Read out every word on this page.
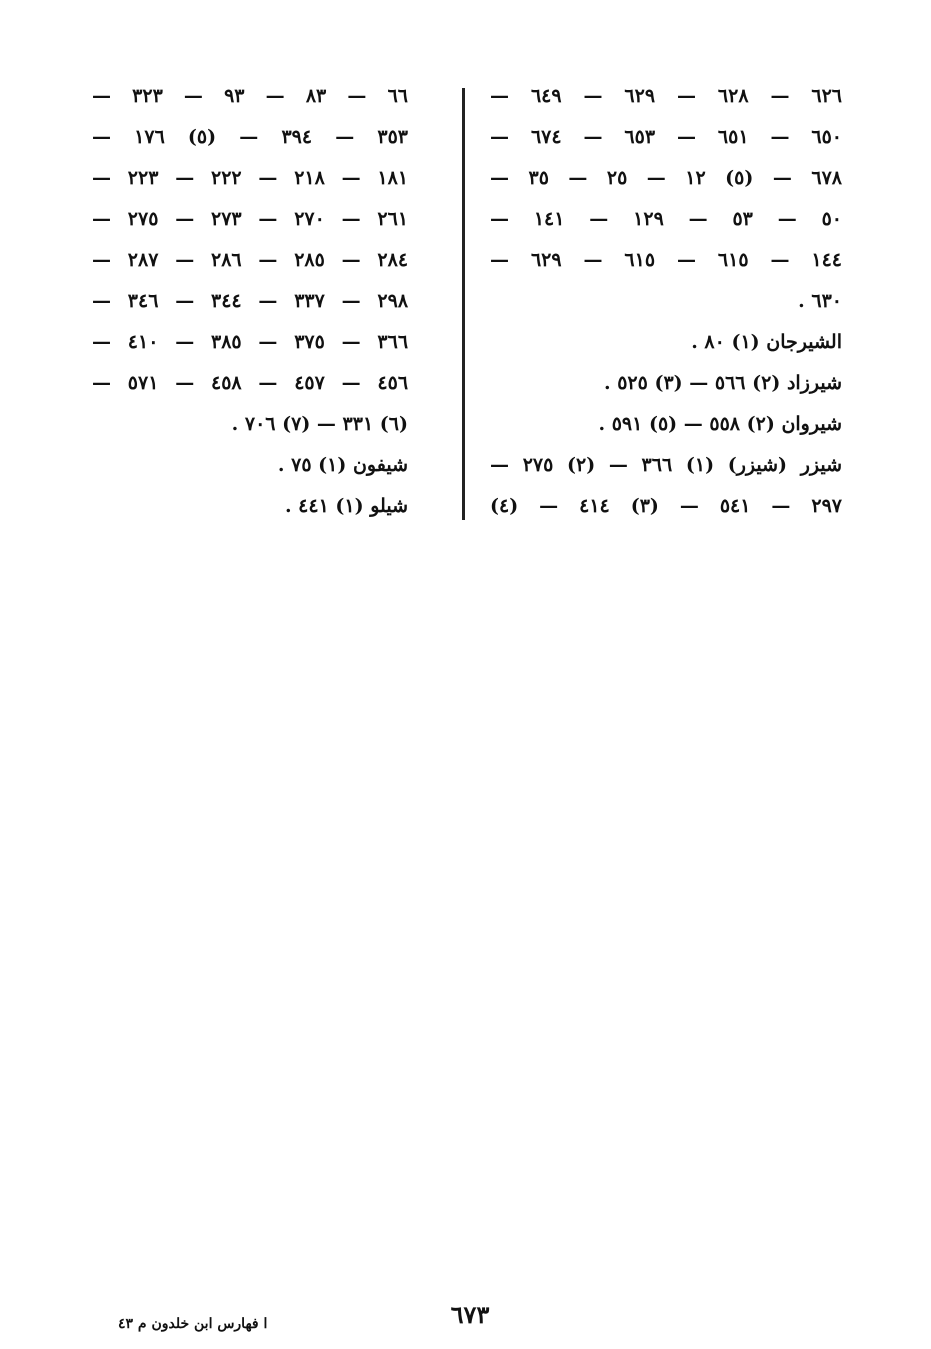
٦٢٦ — ٦٢٨ — ٦٢٩ — ٦٤٩ —
٦٥٠ — ٦٥١ — ٦٥٣ — ٦٧٤ —
٦٧٨ — (٥) ١٢ — ٢٥ — ٣٥ —
٥٠ — ٥٣ — ١٢٩ — ١٤١ —
١٤٤ — ٦١٥ — ٦١٥ — ٦٢٩ —
٦٣٠ .
الشيرجان (١) ٨٠ .
شيرزاد (٢) ٥٦٦ — (٣) ٥٢٥ .
شيروان (٢) ٥٥٨ — (٥) ٥٩١ .
شيزر (شيزر) (١) ٣٦٦ — (٢) ٢٧٥ —
٢٩٧ — ٥٤١ — (٣) ٤١٤ — (٤)
٦٦ — ٨٣ — ٩٣ — ٣٢٣ —
٣٥٣ — ٣٩٤ — (٥) ١٧٦ —
١٨١ — ٢١٨ — ٢٢٢ — ٢٢٣ —
٢٦١ — ٢٧٠ — ٢٧٣ — ٢٧٥ —
٢٨٤ — ٢٨٥ — ٢٨٦ — ٢٨٧ —
٢٩٨ — ٣٣٧ — ٣٤٤ — ٣٤٦ —
٣٦٦ — ٣٧٥ — ٣٨٥ — ٤١٠ —
٤٥٦ — ٤٥٧ — ٤٥٨ — ٥٧١ —
(٦) ٣٣١ — (٧) ٧٠٦ .
شيفون (١) ٧٥ .
شيلو (١) ٤٤١ .
٦٧٣
ا فهارس ابن خلدون م ٤٣
